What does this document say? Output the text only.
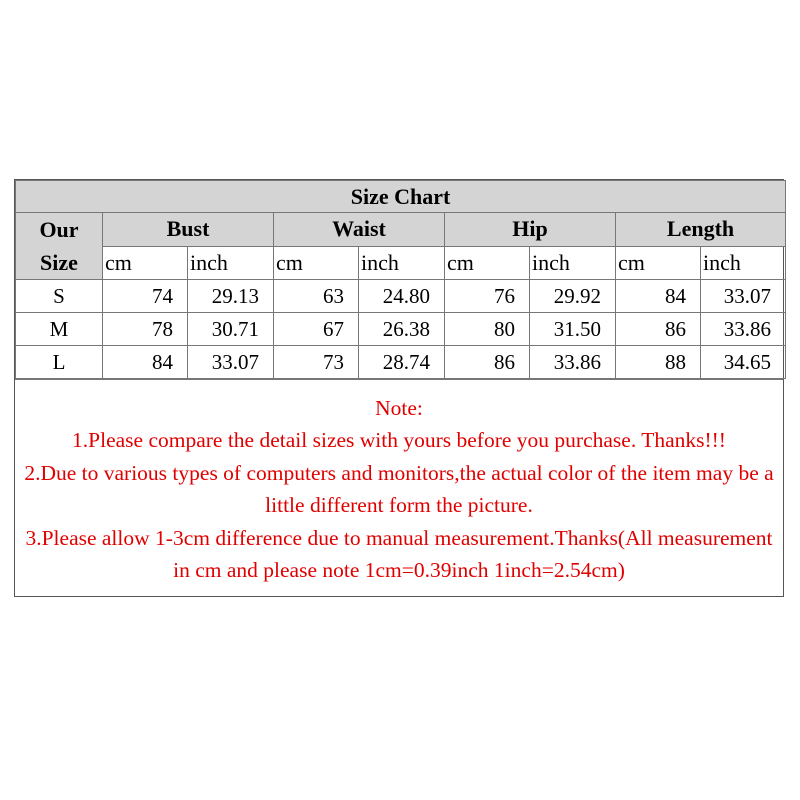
Size Chart								
Our
Size	Bust		Waist		Hip		Length	
	cm	inch	cm	inch	cm	inch	cm	inch
S	74	29.13	63	24.80	76	29.92	84	33.07
M	78	30.71	67	26.38	80	31.50	86	33.86
L	84	33.07	73	28.74	86	33.86	88	34.65
Note:
1.Please compare the detail sizes with yours before you purchase. Thanks!!!
2.Due to various types of computers and monitors,the actual color of the item may be a little different form the picture.
3.Please allow 1-3cm difference due to manual measurement.Thanks(All measurement in cm and please note 1cm=0.39inch 1inch=2.54cm)
